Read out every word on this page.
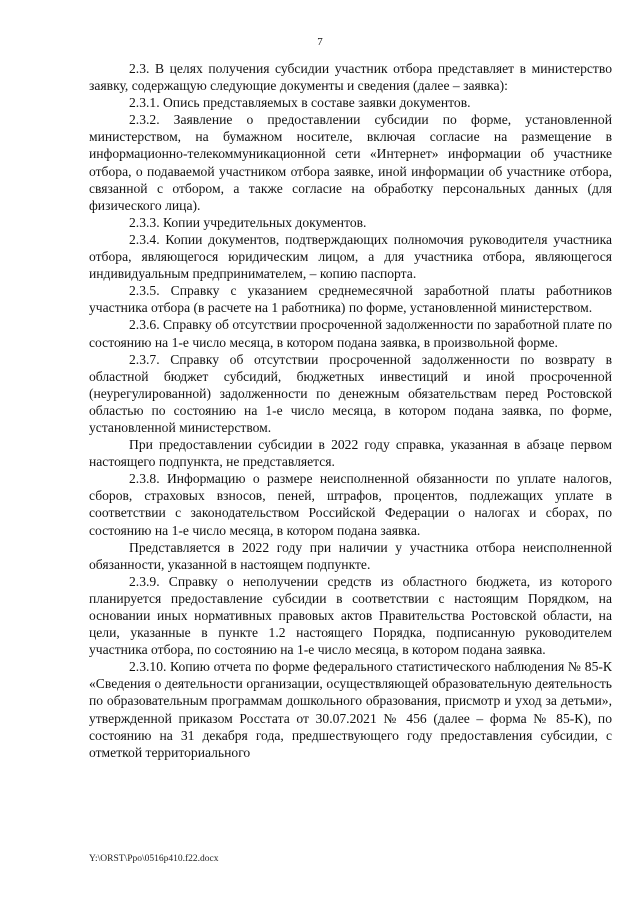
7

2.3. В целях получения субсидии участник отбора представляет в министерство заявку, содержащую следующие документы и сведения (далее – заявка):

2.3.1. Опись представляемых в составе заявки документов.

2.3.2. Заявление о предоставлении субсидии по форме, установленной министерством, на бумажном носителе, включая согласие на размещение в информационно-телекоммуникационной сети «Интернет» информации об участнике отбора, о подаваемой участником отбора заявке, иной информации об участнике отбора, связанной с отбором, а также согласие на обработку персональных данных (для физического лица).

2.3.3. Копии учредительных документов.

2.3.4. Копии документов, подтверждающих полномочия руководителя участника отбора, являющегося юридическим лицом, а для участника отбора, являющегося индивидуальным предпринимателем, – копию паспорта.

2.3.5. Справку с указанием среднемесячной заработной платы работников участника отбора (в расчете на 1 работника) по форме, установленной министерством.

2.3.6. Справку об отсутствии просроченной задолженности по заработной плате по состоянию на 1-е число месяца, в котором подана заявка, в произвольной форме.

2.3.7. Справку об отсутствии просроченной задолженности по возврату в областной бюджет субсидий, бюджетных инвестиций и иной просроченной (неурегулированной) задолженности по денежным обязательствам перед Ростовской областью по состоянию на 1-е число месяца, в котором подана заявка, по форме, установленной министерством.

При предоставлении субсидии в 2022 году справка, указанная в абзаце первом настоящего подпункта, не представляется.

2.3.8. Информацию о размере неисполненной обязанности по уплате налогов, сборов, страховых взносов, пеней, штрафов, процентов, подлежащих уплате в соответствии с законодательством Российской Федерации о налогах и сборах, по состоянию на 1-е число месяца, в котором подана заявка.

Представляется в 2022 году при наличии у участника отбора неисполненной обязанности, указанной в настоящем подпункте.

2.3.9. Справку о неполучении средств из областного бюджета, из которого планируется предоставление субсидии в соответствии с настоящим Порядком, на основании иных нормативных правовых актов Правительства Ростовской области, на цели, указанные в пункте 1.2 настоящего Порядка, подписанную руководителем участника отбора, по состоянию на 1-е число месяца, в котором подана заявка.

2.3.10. Копию отчета по форме федерального статистического наблюдения № 85-К «Сведения о деятельности организации, осуществляющей образовательную деятельность по образовательным программам дошкольного образования, присмотр и уход за детьми», утвержденной приказом Росстата от 30.07.2021 № 456 (далее – форма № 85-К), по состоянию на 31 декабря года, предшествующего году предоставления субсидии, с отметкой территориального

Y:\ORST\Ppo\0516p410.f22.docx
